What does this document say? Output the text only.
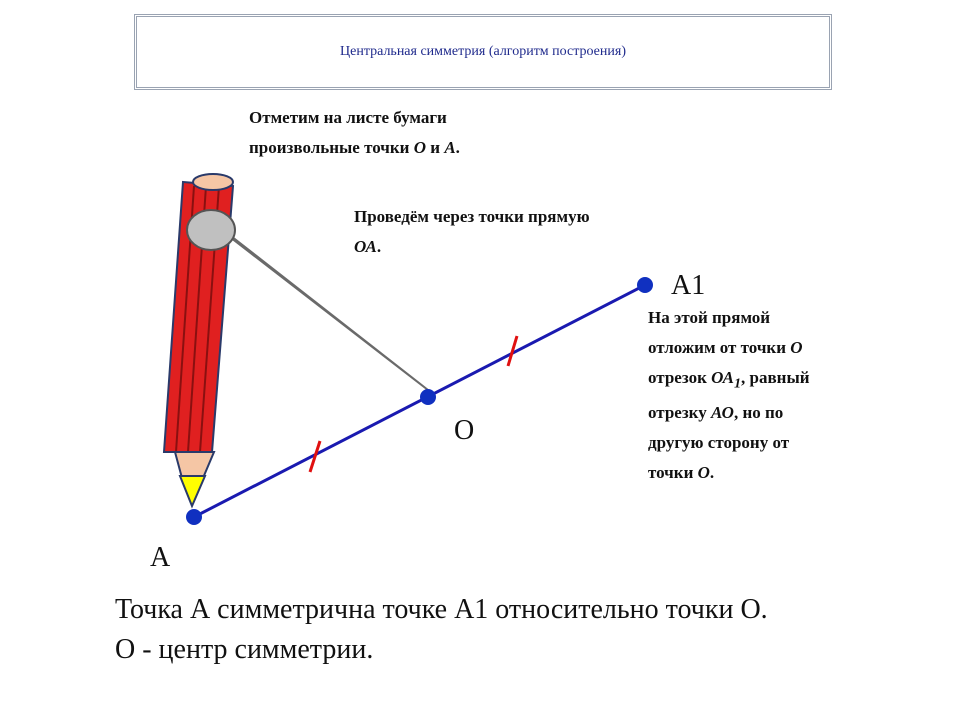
Центральная симметрия (алгоритм построения)
Отметим на листе бумаги
произвольные точки О и А.
Проведём через точки прямую
ОА.
На этой прямой
отложим от точки О
отрезок $ОА_1$, равный
отрезку АО, но по
другую сторону от
точки О.
А1
О
А
Точка А симметрична точке А1 относительно точки О.
О - центр симметрии.
